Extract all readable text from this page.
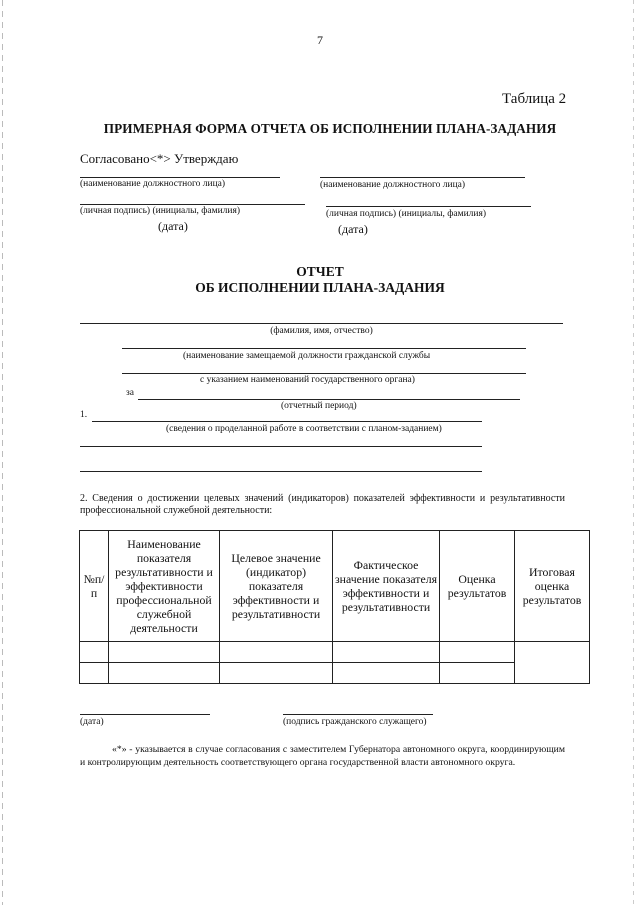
7
Таблица 2
ПРИМЕРНАЯ ФОРМА ОТЧЕТА ОБ ИСПОЛНЕНИИ ПЛАНА-ЗАДАНИЯ
Согласовано<*> Утверждаю
(наименование должностного лица)	(наименование должностного лица)
(личная подпись) (инициалы, фамилия)	(личная подпись) (инициалы, фамилия)
(дата)	(дата)
ОТЧЕТ
ОБ ИСПОЛНЕНИИ ПЛАНА-ЗАДАНИЯ
(фамилия, имя, отчество)
(наименование замещаемой должности гражданской службы
с указанием наименований государственного органа)
за
(отчетный период)
1.
(сведения о проделанной работе в соответствии с планом-заданием)
2. Сведения о достижении целевых значений (индикаторов) показателей эффективности и результативности профессиональной служебной деятельности:
№п/п	Наименование показателя результативности и эффективности профессиональной служебной деятельности	Целевое значение (индикатор) показателя эффективности и результативности	Фактическое значение показателя эффективности и результативности	Оценка результатов	Итоговая оценка результатов

(дата)	(подпись гражданского служащего)
«*» - указывается в случае согласования с заместителем Губернатора автономного округа, координирующим и контролирующим деятельность соответствующего органа государственной власти автономного округа.
